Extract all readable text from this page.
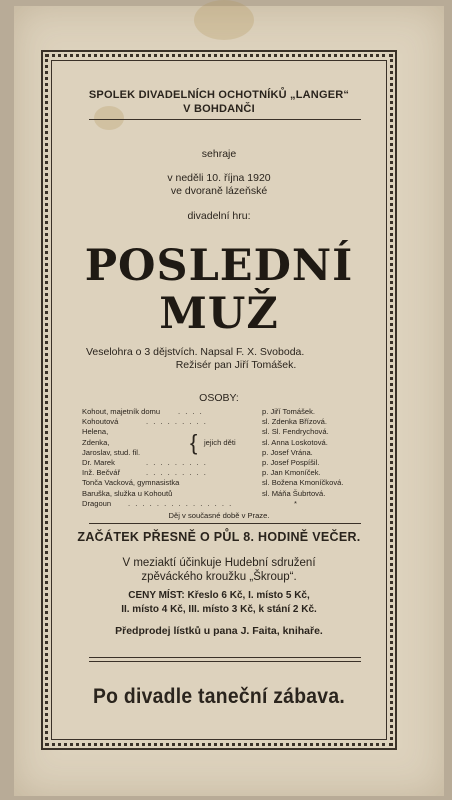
SPOLEK DIVADELNÍCH OCHOTNÍKŮ „LANGER“
V BOHDANČI
sehraje
v neděli 10. října 1920
ve dvoraně lázeňské
divadelní hru:
POSLEDNÍ
MUŽ
Veselohra o 3 dějstvích. Napsal F. X. Svoboda.
Režisér pan Jiří Tomášek.
OSOBY:
Kohout, majetník domu . . . .	p. Jiří Tomášek.
Kohoutová	. . . . . . . . .	sl. Zdenka Břízová.
Helena,	sl. Sl. Fendrychová.
Zdenka,	{ jejich děti	sl. Anna Loskotová.
Jaroslav, stud. fil.	p. Josef Vrána.
Dr. Marek	. . . . . . . . .	p. Josef Pospíšil.
Inž. Bečvář	. . . . . . . . .	p. Jan Kmoníček.
Tonča Vacková, gymnasistka	sl. Božena Kmoníčková.
Baruška, služka u Kohoutů	sl. Máňa Šubrtová.
Dragoun . . . . . . . . . . . . . . .	*
Děj v současné době v Praze.
ZAČÁTEK PŘESNĚ O PŮL 8. HODINĚ VEČER.
V meziaktí účinkuje Hudební sdružení
zpěváckého kroužku „Škroup“.
CENY MÍST: Křeslo 6 Kč, I. místo 5 Kč,
II. místo 4 Kč, III. místo 3 Kč, k stání 2 Kč.
Předprodej lístků u pana J. Faita, knihaře.
Po divadle taneční zábava.
